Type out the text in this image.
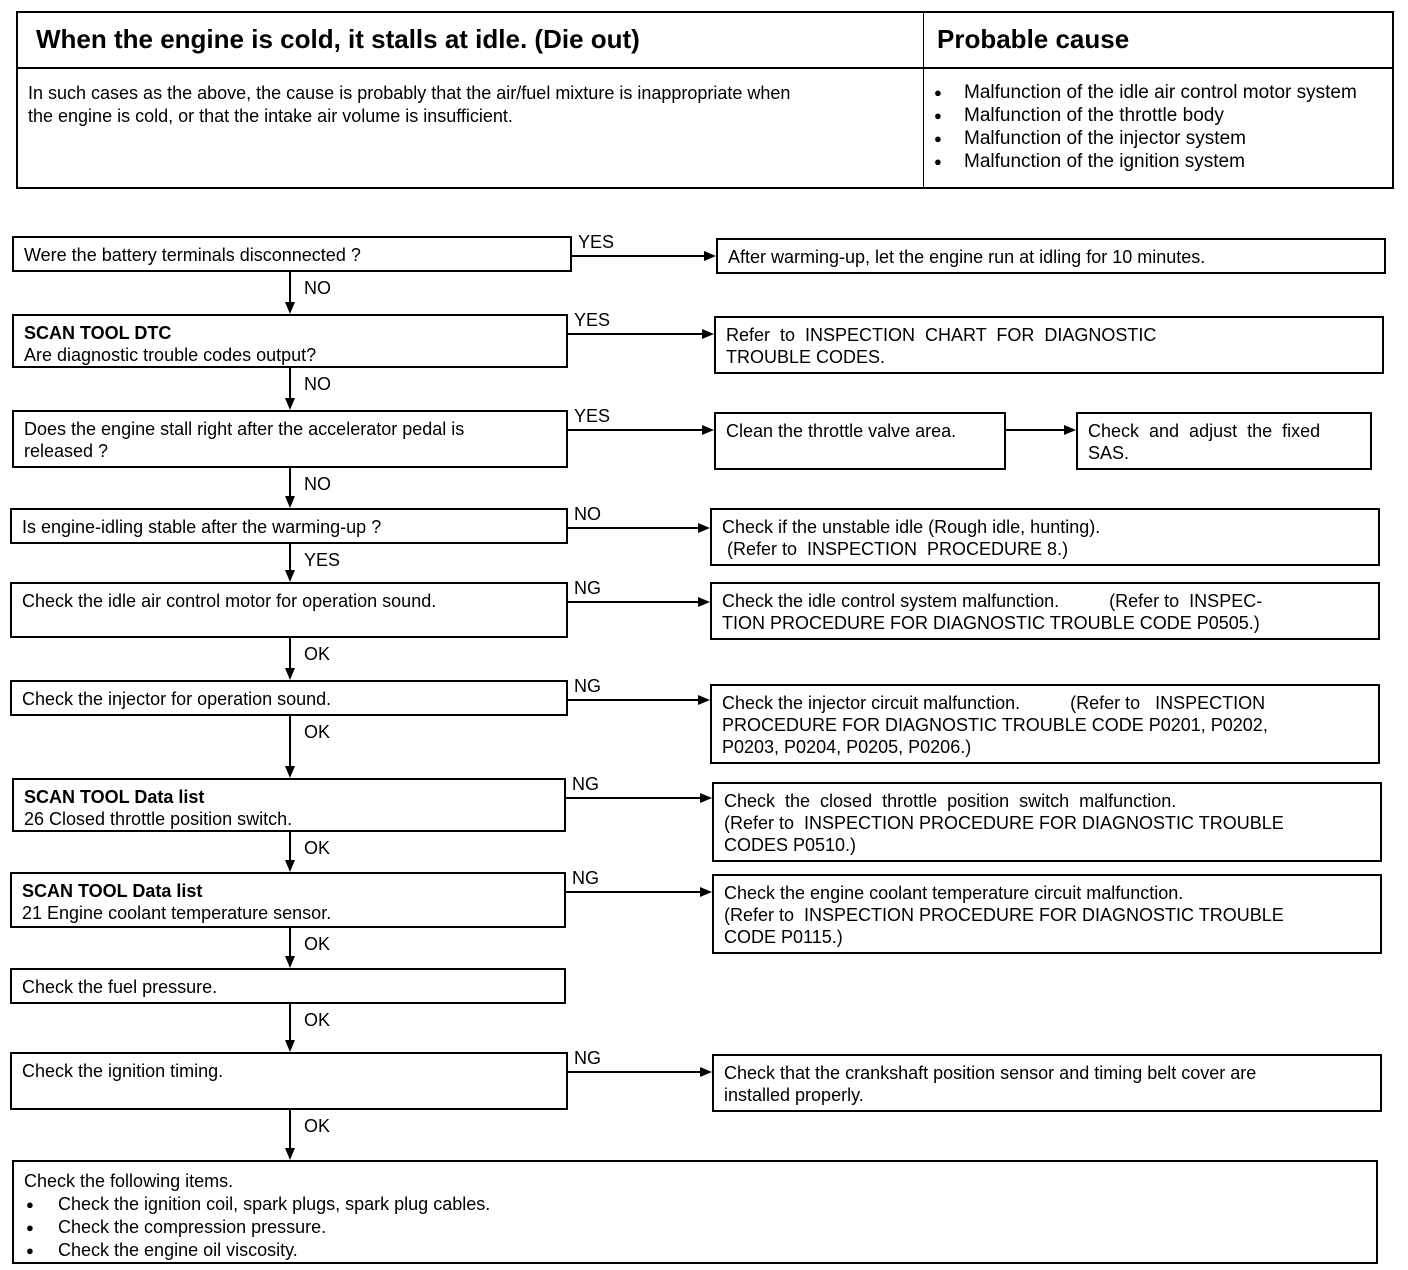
When the engine is cold, it stalls at idle. (Die out)	Probable cause
In such cases as the above, the cause is probably that the air/fuel mixture is inappropriate when
the engine is cold, or that the intake air volume is insufficient.
● Malfunction of the idle air control motor system
● Malfunction of the throttle body
● Malfunction of the injector system
● Malfunction of the ignition system
Were the battery terminals disconnected ?	After warming-up, let the engine run at idling for 10 minutes.
YES
NO
SCAN TOOL DTC
Are diagnostic trouble codes output?
Refer  to  INSPECTION  CHART  FOR  DIAGNOSTIC
TROUBLE CODES.
YES
NO
Does the engine stall right after the accelerator pedal is
released ?
Clean the throttle valve area.
YES
Check  and  adjust  the  fixed
SAS.
NO
Is engine-idling stable after the warming-up ?	Check if the unstable idle (Rough idle, hunting).
(Refer to  INSPECTION  PROCEDURE 8.)
NO
YES
Check the idle air control motor for operation sound.	Check the idle control system malfunction.          (Refer to  INSPEC-
TION PROCEDURE FOR DIAGNOSTIC TROUBLE CODE P0505.)
NG
OK
Check the injector for operation sound.	Check the injector circuit malfunction.          (Refer to   INSPECTION
PROCEDURE FOR DIAGNOSTIC TROUBLE CODE P0201, P0202,
P0203, P0204, P0205, P0206.)
NG
OK
SCAN TOOL Data list
26 Closed throttle position switch.
Check  the  closed  throttle  position  switch  malfunction.
(Refer to  INSPECTION PROCEDURE FOR DIAGNOSTIC TROUBLE
CODES P0510.)
NG
OK
SCAN TOOL Data list
21 Engine coolant temperature sensor.
Check the engine coolant temperature circuit malfunction.
(Refer to  INSPECTION PROCEDURE FOR DIAGNOSTIC TROUBLE
CODE P0115.)
NG
OK
Check the fuel pressure.
OK
Check the ignition timing.	Check that the crankshaft position sensor and timing belt cover are
installed properly.
NG
OK
Check the following items.
● Check the ignition coil, spark plugs, spark plug cables.
● Check the compression pressure.
● Check the engine oil viscosity.
